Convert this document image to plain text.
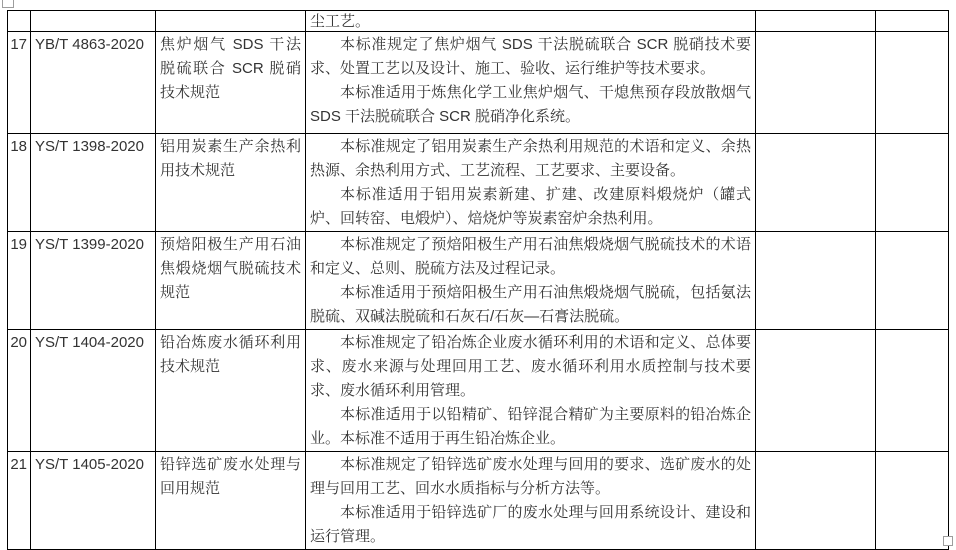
			尘工艺。		

17	YB/T 4863-2020	焦炉烟气 SDS 干法脱硫联合 SCR 脱硝技术规范	本标准规定了焦炉烟气 SDS 干法脱硫联合 SCR 脱硝技术要求、处置工艺以及设计、施工、验收、运行维护等技术要求。

本标准适用于炼焦化学工业焦炉烟气、干熄焦预存段放散烟气 SDS 干法脱硫联合 SCR 脱硝净化系统。		

18	YS/T 1398-2020	铝用炭素生产余热利用技术规范	本标准规定了铝用炭素生产余热利用规范的术语和定义、余热热源、余热利用方式、工艺流程、工艺要求、主要设备。

本标准适用于铝用炭素新建、扩建、改建原料煅烧炉（罐式炉、回转窑、电煅炉）、焙烧炉等炭素窑炉余热利用。		

19	YS/T 1399-2020	预焙阳极生产用石油焦煅烧烟气脱硫技术规范	本标准规定了预焙阳极生产用石油焦煅烧烟气脱硫技术的术语和定义、总则、脱硫方法及过程记录。

本标准适用于预焙阳极生产用石油焦煅烧烟气脱硫，包括氨法脱硫、双碱法脱硫和石灰石/石灰—石膏法脱硫。		

20	YS/T 1404-2020	铅冶炼废水循环利用技术规范	本标准规定了铅冶炼企业废水循环利用的术语和定义、总体要求、废水来源与处理回用工艺、废水循环利用水质控制与技术要求、废水循环利用管理。

本标准适用于以铅精矿、铅锌混合精矿为主要原料的铅冶炼企业。本标准不适用于再生铅冶炼企业。		

21	YS/T 1405-2020	铅锌选矿废水处理与回用规范	本标准规定了铅锌选矿废水处理与回用的要求、选矿废水的处理与回用工艺、回水水质指标与分析方法等。

本标准适用于铅锌选矿厂的废水处理与回用系统设计、建设和运行管理。		
